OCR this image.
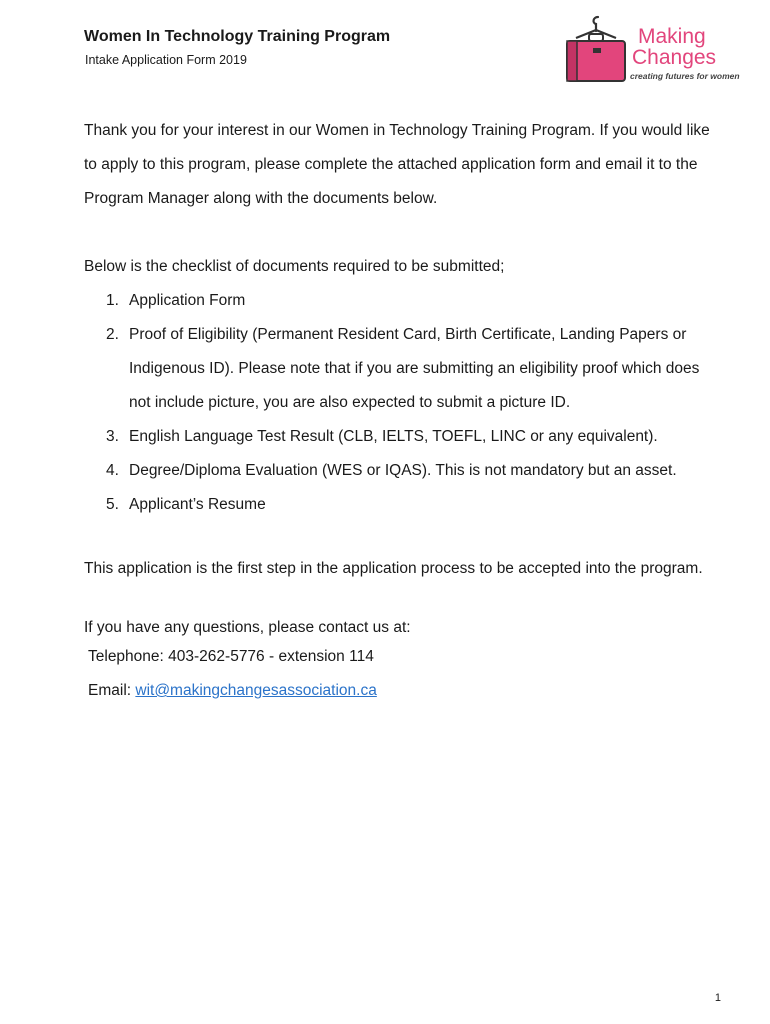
Women In Technology Training Program

Intake Application Form 2019

Making
Changes
creating futures for women

Thank you for your interest in our Women in Technology Training Program. If you would like to apply to this program, please complete the attached application form and email it to the Program Manager along with the documents below.

Below is the checklist of documents required to be submitted;

1. Application Form
2. Proof of Eligibility (Permanent Resident Card, Birth Certificate, Landing Papers or Indigenous ID). Please note that if you are submitting an eligibility proof which does not include picture, you are also expected to submit a picture ID.
3. English Language Test Result (CLB, IELTS, TOEFL, LINC or any equivalent).
4. Degree/Diploma Evaluation (WES or IQAS). This is not mandatory but an asset.
5. Applicant’s Resume

This application is the first step in the application process to be accepted into the program.

If you have any questions, please contact us at:

Telephone: 403-262-5776 - extension 114

Email: wit@makingchangesassociation.ca

1
